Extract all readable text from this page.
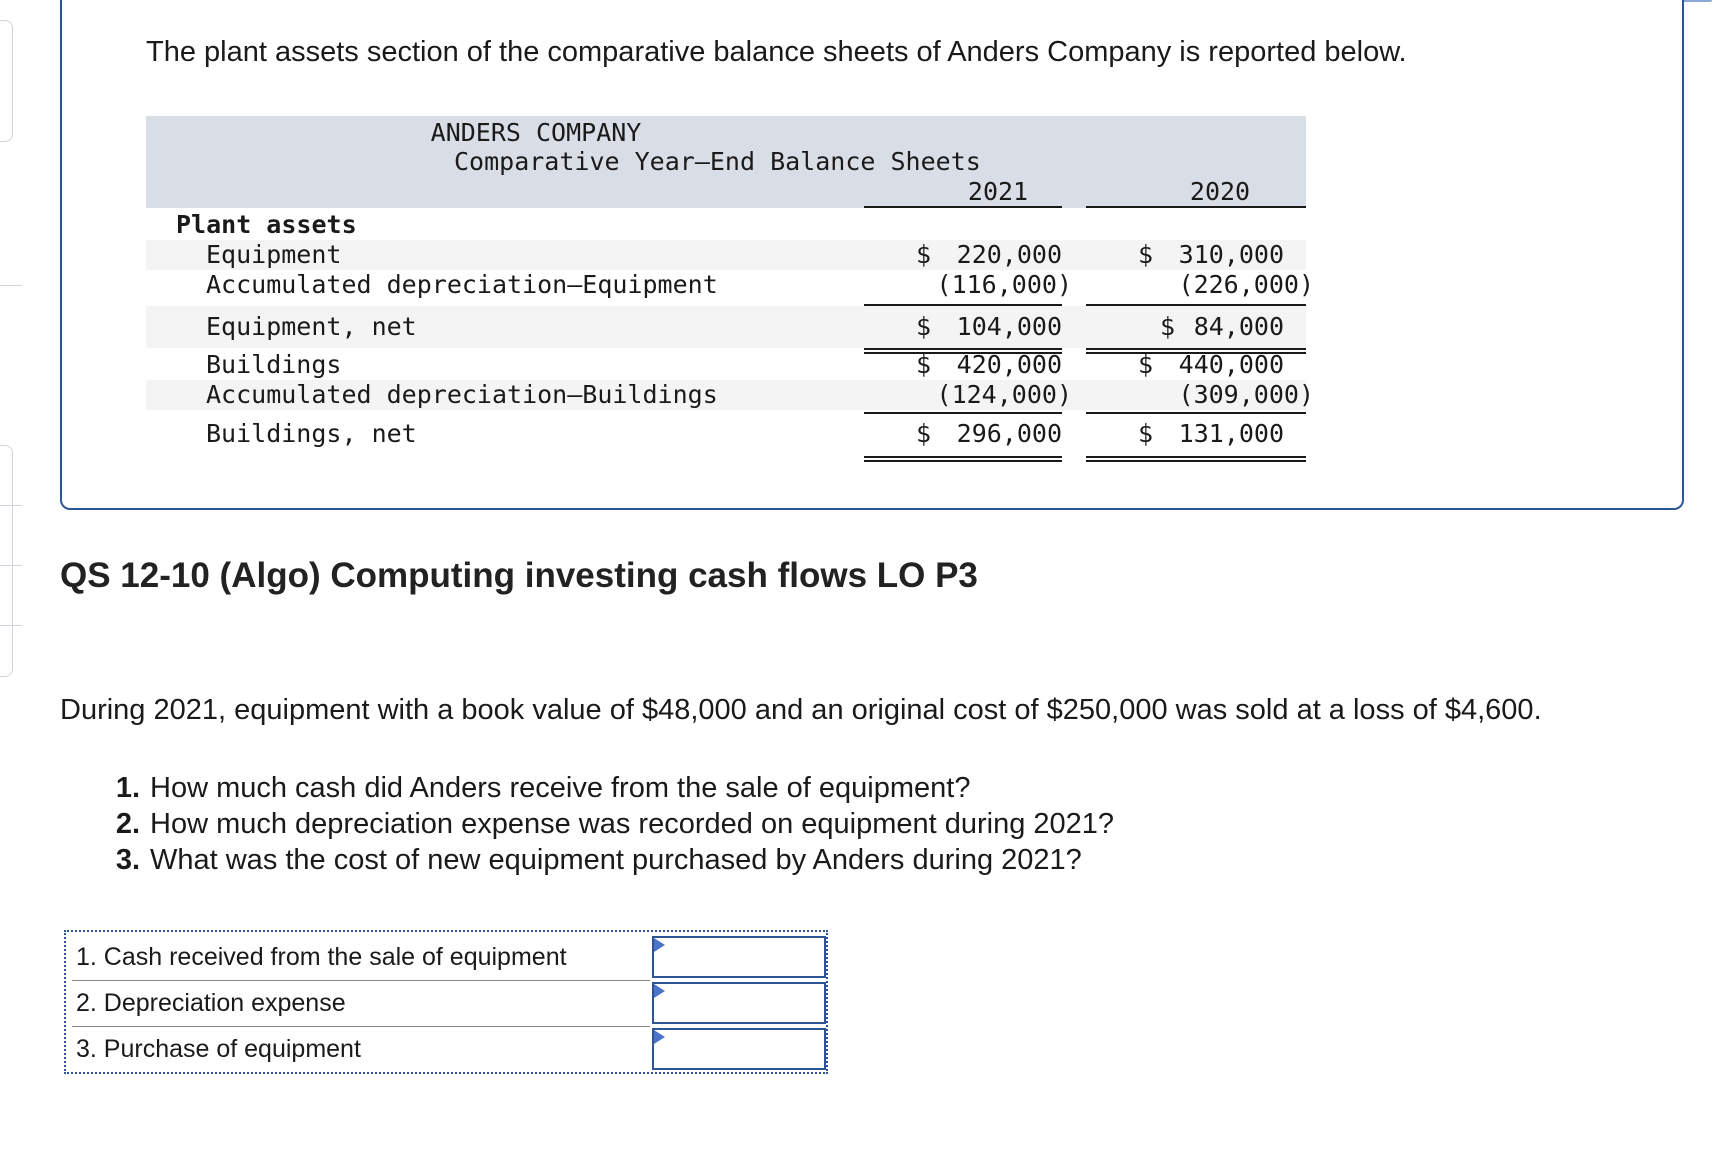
The plant assets section of the comparative balance sheets of Anders Company is reported below.

ANDERS COMPANY
Comparative Year–End Balance Sheets
2021	2020
Plant assets
Equipment	$ 220,000	$ 310,000
Accumulated depreciation–Equipment	(116,000)	(226,000)
Equipment, net	$ 104,000	$ 84,000
Buildings	$ 420,000	$ 440,000
Accumulated depreciation–Buildings	(124,000)	(309,000)
Buildings, net	$ 296,000	$ 131,000
QS 12-10 (Algo) Computing investing cash flows LO P3

During 2021, equipment with a book value of $48,000 and an original cost of $250,000 was sold at a loss of $4,600.

1. How much cash did Anders receive from the sale of equipment?
2. How much depreciation expense was recorded on equipment during 2021?
3. What was the cost of new equipment purchased by Anders during 2021?
1. Cash received from the sale of equipment
2. Depreciation expense
3. Purchase of equipment
